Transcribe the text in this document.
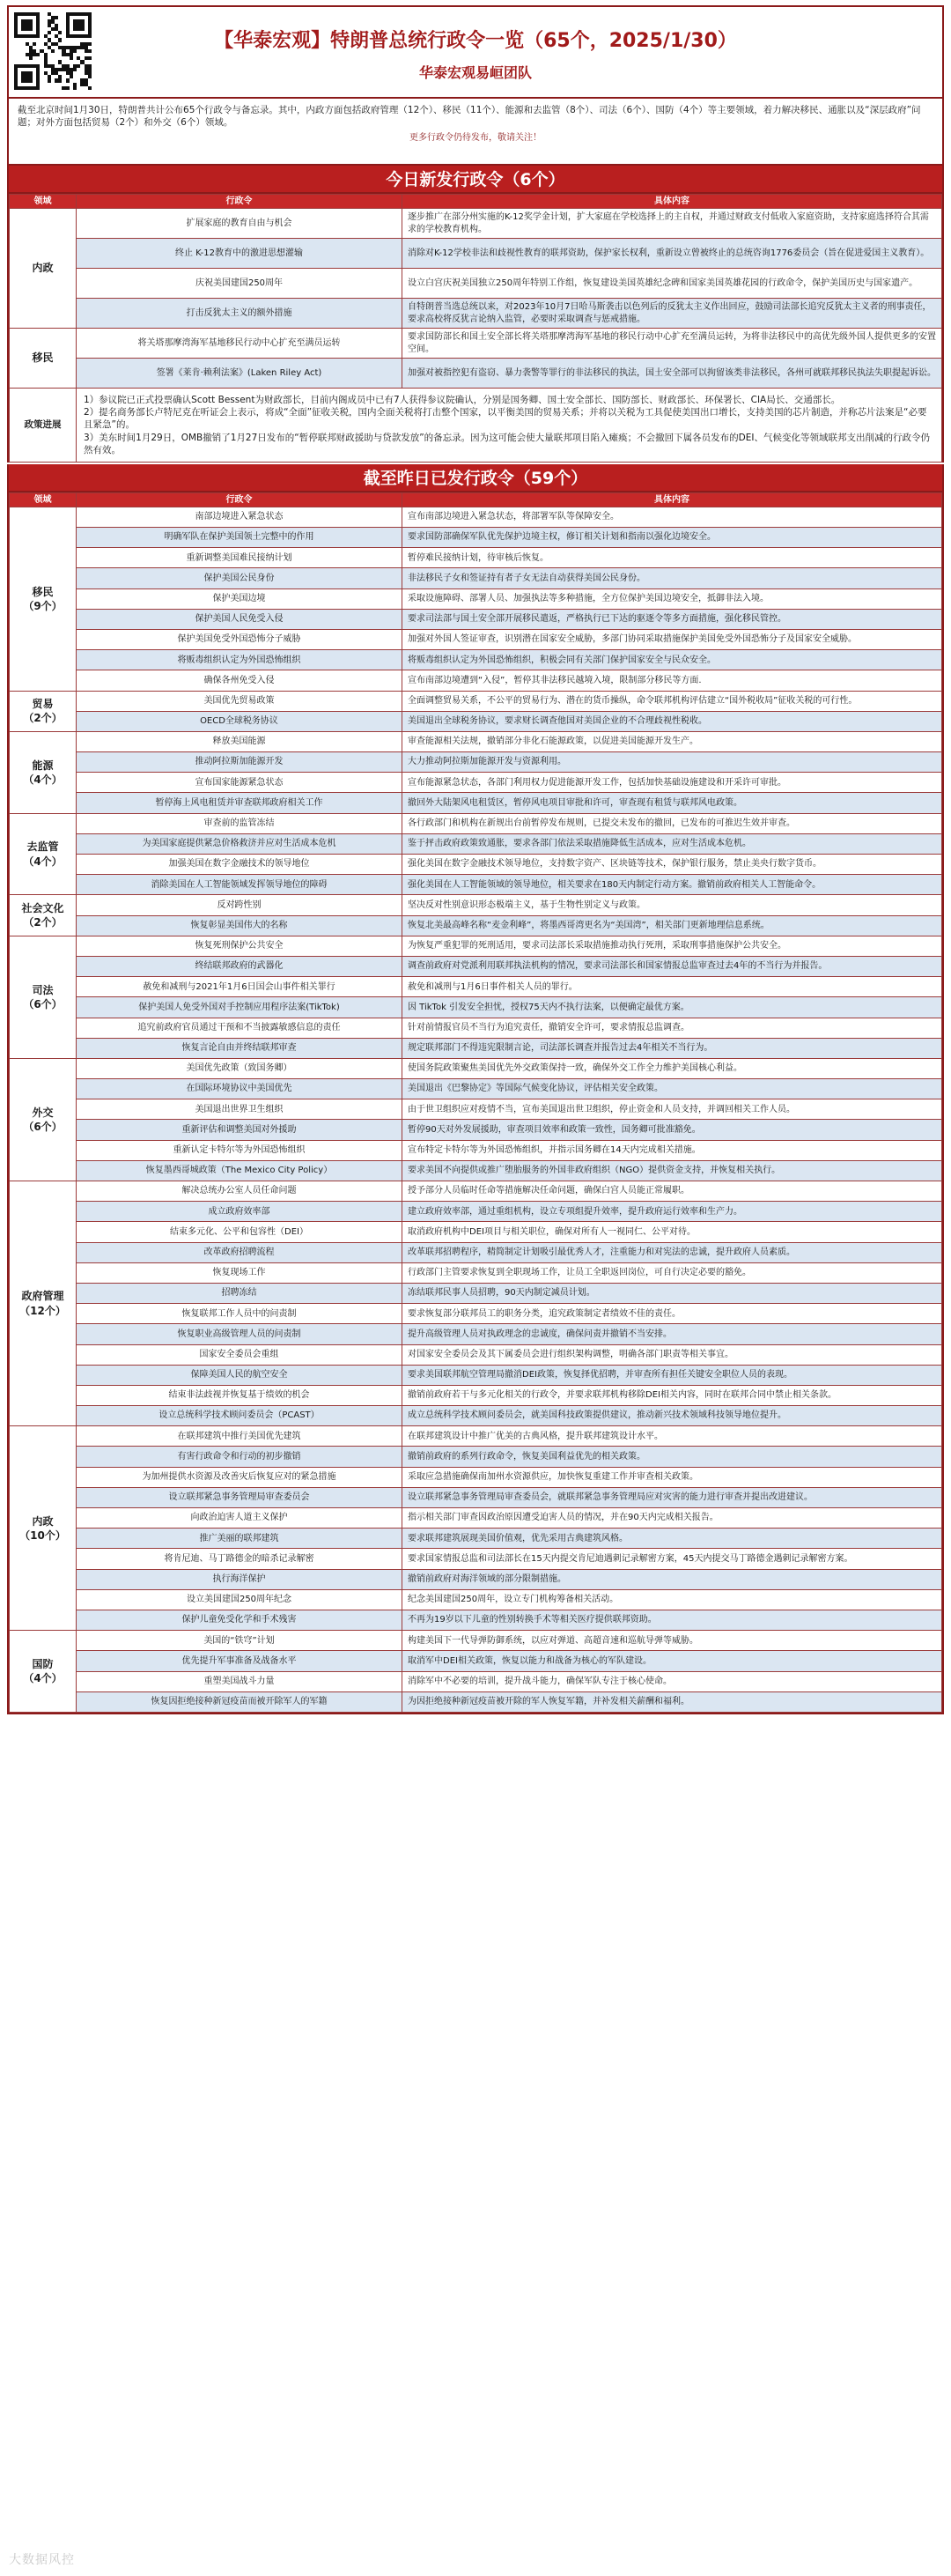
【华泰宏观】特朗普总统行政令一览（65个，2025/1/30）
华泰宏观易峘团队
截至北京时间1月30日，特朗普共计公布65个行政令与备忘录。其中，内政方面包括政府管理（12个）、移民（11个）、能源和去监管（8个）、司法（6个）、国防（4个）等主要领域，着力解决移民、通胀以及“深层政府”问题；对外方面包括贸易（2个）和外交（6个）领域。
更多行政令仍待发布，敬请关注！
今日新发行政令（6个）
领域	行政令	具体内容

内政	扩展家庭的教育自由与机会	逐步推广在部分州实施的K-12奖学金计划，扩大家庭在学校选择上的主自权，并通过财政支付低收入家庭资助，支持家庭选择符合其需求的学校教育机构。
	终止 K-12教育中的激进思想灌输	消除对K-12学校非法和歧视性教育的联邦资助，保护家长权利，重新设立曾被终止的总统咨询1776委员会（旨在促进爱国主义教育）。
	庆祝美国建国250周年	设立白宫庆祝美国独立250周年特别工作组，恢复建设美国英雄纪念碑和国家美国英雄花园的行政命令，保护美国历史与国家遗产。
	打击反犹太主义的额外措施	自特朗普当选总统以来，对2023年10月7日哈马斯袭击以色列后的反犹太主义作出回应，鼓励司法部长追究反犹太主义者的刑事责任，要求高校将反犹言论纳入监管，必要时采取调查与惩戒措施。

移民	将关塔那摩湾海军基地移民行动中心扩充至满员运转	要求国防部长和国土安全部长将关塔那摩湾海军基地的移民行动中心扩充至满员运转，为将非法移民中的高优先级外国人提供更多的安置空间。
	签署《莱肯·赖利法案》(Laken Riley Act)	加强对被指控犯有盗窃、暴力袭警等罪行的非法移民的执法，国土安全部可以拘留该类非法移民，各州可就联邦移民执法失职提起诉讼。
政策进展	1）参议院已正式投票确认Scott Bessent为财政部长，目前内阁成员中已有7人获得参议院确认，分别是国务卿、国土安全部长、国防部长、财政部长、环保署长、CIA局长、交通部长。
2）提名商务部长卢特尼克在听证会上表示，将成“全面”征收关税，国内全面关税将打击整个国家，以平衡美国的贸易关系；并将以关税为工具促使美国出口增长，支持美国的芯片制造，并称芯片法案是“必要且紧急”的。
3）美东时间1月29日，OMB撤销了1月27日发布的“暂停联邦财政援助与贷款发放”的备忘录。因为这可能会使大量联邦项目陷入瘫痪；不会撤回下属各员发布的DEI、气候变化等领域联邦支出削减的行政令仍然有效。	
截至昨日已发行政令（59个）
领域	行政令	具体内容

移民
（9个）	南部边境进入紧急状态	宣布南部边境进入紧急状态，将部署军队等保障安全。
	明确军队在保护美国领土完整中的作用	要求国防部确保军队优先保护边境主权，修订相关计划和指南以强化边境安全。
	重新调整美国难民接纳计划	暂停难民接纳计划，待审核后恢复。
	保护美国公民身份	非法移民子女和签证持有者子女无法自动获得美国公民身份。
	保护美国边境	采取设施障碍、部署人员、加强执法等多种措施，全方位保护美国边境安全，抵御非法入境。
	保护美国人民免受入侵	要求司法部与国土安全部开展移民遣返，严格执行已下达的驱逐令等多方面措施，强化移民管控。
	保护美国免受外国恐怖分子威胁	加强对外国人签证审查，识别潜在国家安全威胁，多部门协同采取措施保护美国免受外国恐怖分子及国家安全威胁。
	将贩毒组织认定为外国恐怖组织	将贩毒组织认定为外国恐怖组织，积极会同有关部门保护国家安全与民众安全。
	确保各州免受入侵	宣布南部边境遭到“入侵”，暂停其非法移民越境入境，限制部分移民等方面.

贸易
（2个）	美国优先贸易政策	全面调整贸易关系，不公平的贸易行为、潜在的货币操纵，命令联邦机构评估建立“国外税收局”征收关税的可行性。
	OECD全球税务协议	美国退出全球税务协议，要求财长调查他国对美国企业的不合理歧视性税收。

能源
（4个）	释放美国能源	审查能源相关法规，撤销部分非化石能源政策，以促进美国能源开发生产。
	推动阿拉斯加能源开发	大力推动阿拉斯加能源开发与资源利用。
	宣布国家能源紧急状态	宣布能源紧急状态，各部门利用权力促进能源开发工作，包括加快基础设施建设和开采许可审批。
	暂停海上风电租赁并审查联邦政府相关工作	撤回外大陆架风电租赁区，暂停风电项目审批和许可，审查现有租赁与联邦风电政策。

去监管
（4个）	审查前的监管冻结	各行政部门和机构在新规出台前暂停发布规则，已提交未发布的撤回，已发布的可推迟生效并审查。
	为美国家庭提供紧急价格救济并应对生活成本危机	鉴于抨击政府政策致通胀，要求各部门依法采取措施降低生活成本，应对生活成本危机。
	加强美国在数字金融技术的领导地位	强化美国在数字金融技术领导地位，支持数字资产、区块链等技术，保护银行服务，禁止美央行数字货币。
	消除美国在人工智能领域发挥领导地位的障碍	强化美国在人工智能领域的领导地位，相关要求在180天内制定行动方案。撤销前政府相关人工智能命令。

社会文化
（2个）	反对跨性别	坚决反对性别意识形态极端主义，基于生物性别定义与政策。
	恢复彰显美国伟大的名称	恢复北美最高峰名称“麦金利峰”，将墨西哥湾更名为“美国湾”，相关部门更新地理信息系统。

司法
（6个）	恢复死刑保护公共安全	为恢复严重犯罪的死刑适用，要求司法部长采取措施推动执行死刑，采取刑事措施保护公共安全。
	终结联邦政府的武器化	调查前政府对党派利用联邦执法机构的情况，要求司法部长和国家情报总监审查过去4年的不当行为并报告。
	赦免和减刑与2021年1月6日国会山事件相关罪行	赦免和减刑与1月6日事件相关人员的罪行。
	保护美国人免受外国对手控制应用程序法案(TikTok)	因 TikTok 引发安全担忧，授权75天内不执行法案，以便确定最优方案。
	追究前政府官员通过干预和不当披露敏感信息的责任	针对前情报官员不当行为追究责任，撤销安全许可，要求情报总监调查。
	恢复言论自由并终结联邦审查	规定联邦部门不得违宪限制言论，司法部长调查并报告过去4年相关不当行为。

外交
（6个）	美国优先政策（致国务卿）	使国务院政策聚焦美国优先外交政策保持一致，确保外交工作全力维护美国核心利益。
	在国际环境协议中美国优先	美国退出《巴黎协定》等国际气候变化协议，评估相关安全政策。
	美国退出世界卫生组织	由于世卫组织应对疫情不当，宣布美国退出世卫组织，停止资金和人员支持，并调回相关工作人员。
	重新评估和调整美国对外援助	暂停90天对外发展援助，审查项目效率和政策一致性，国务卿可批准豁免。
	重新认定卡特尔等为外国恐怖组织	宣布特定卡特尔等为外国恐怖组织，并指示国务卿在14天内完成相关措施。
	恢复墨西哥城政策（The Mexico City Policy）	要求美国不向提供或推广堕胎服务的外国非政府组织（NGO）提供资金支持，并恢复相关执行。

政府管理
（12个）	解决总统办公室人员任命问题	授予部分人员临时任命等措施解决任命问题，确保白宫人员能正常履职。
	成立政府效率部	建立政府效率部，通过重组机构，设立专项组提升效率，提升政府运行效率和生产力。
	结束多元化、公平和包容性（DEI）	取消政府机构中DEI项目与相关职位，确保对所有人一视同仁、公平对待。
	改革政府招聘流程	改革联邦招聘程序，精简制定计划吸引最优秀人才，注重能力和对宪法的忠诚，提升政府人员素质。
	恢复现场工作	行政部门主管要求恢复到全职现场工作，让员工全职返回岗位，可自行决定必要的豁免。
	招聘冻结	冻结联邦民事人员招聘，90天内制定减员计划。
	恢复联邦工作人员中的问责制	要求恢复部分联邦员工的职务分类，追究政策制定者绩效不佳的责任。
	恢复职业高级管理人员的问责制	提升高级管理人员对执政理念的忠诚度，确保问责并撤销不当安排。
	国家安全委员会重组	对国家安全委员会及其下属委员会进行组织架构调整，明确各部门职责等相关事宜。
	保障美国人民的航空安全	要求美国联邦航空管理局撤消DEI政策，恢复择优招聘，并审查所有担任关键安全职位人员的表现。
	结束非法歧视并恢复基于绩效的机会	撤销前政府若干与多元化相关的行政令，并要求联邦机构移除DEI相关内容，同时在联邦合同中禁止相关条款。
	设立总统科学技术顾问委员会（PCAST）	成立总统科学技术顾问委员会，就美国科技政策提供建议，推动新兴技术领域科技领导地位提升。

内政
（10个）	在联邦建筑中推行美国优先建筑	在联邦建筑设计中推广优美的古典风格，提升联邦建筑设计水平。
	有害行政命令和行动的初步撤销	撤销前政府的系列行政命令，恢复美国利益优先的相关政策。
	为加州提供水资源及改善灾后恢复应对的紧急措施	采取应急措施确保南加州水资源供应，加快恢复重建工作并审查相关政策。
	设立联邦紧急事务管理局审查委员会	设立联邦紧急事务管理局审查委员会，就联邦紧急事务管理局应对灾害的能力进行审查并提出改进建议。
	向政治迫害人道主义保护	指示相关部门审查因政治原因遭受迫害人员的情况，并在90天内完成相关报告。
	推广美丽的联邦建筑	要求联邦建筑展现美国价值观，优先采用古典建筑风格。
	将肯尼迪、马丁路德金的暗杀记录解密	要求国家情报总监和司法部长在15天内提交肯尼迪遇刺记录解密方案，45天内提交马丁路德金遇刺记录解密方案。
	执行海洋保护	撤销前政府对海洋领域的部分限制措施。
	设立美国建国250周年纪念	纪念美国建国250周年，设立专门机构筹备相关活动。
	保护儿童免受化学和手术残害	不再为19岁以下儿童的性别转换手术等相关医疗提供联邦资助。

国防
（4个）	美国的“铁穹”计划	构建美国下一代导弹防御系统，以应对弹道、高超音速和巡航导弹等威胁。
	优先提升军事准备及战备水平	取消军中DEI相关政策，恢复以能力和战备为核心的军队建设。
	重塑美国战斗力量	消除军中不必要的培训，提升战斗能力，确保军队专注于核心使命。
	恢复因拒绝接种新冠疫苗而被开除军人的军籍	为因拒绝接种新冠疫苗被开除的军人恢复军籍，并补发相关薪酬和福利。
大数据风控
